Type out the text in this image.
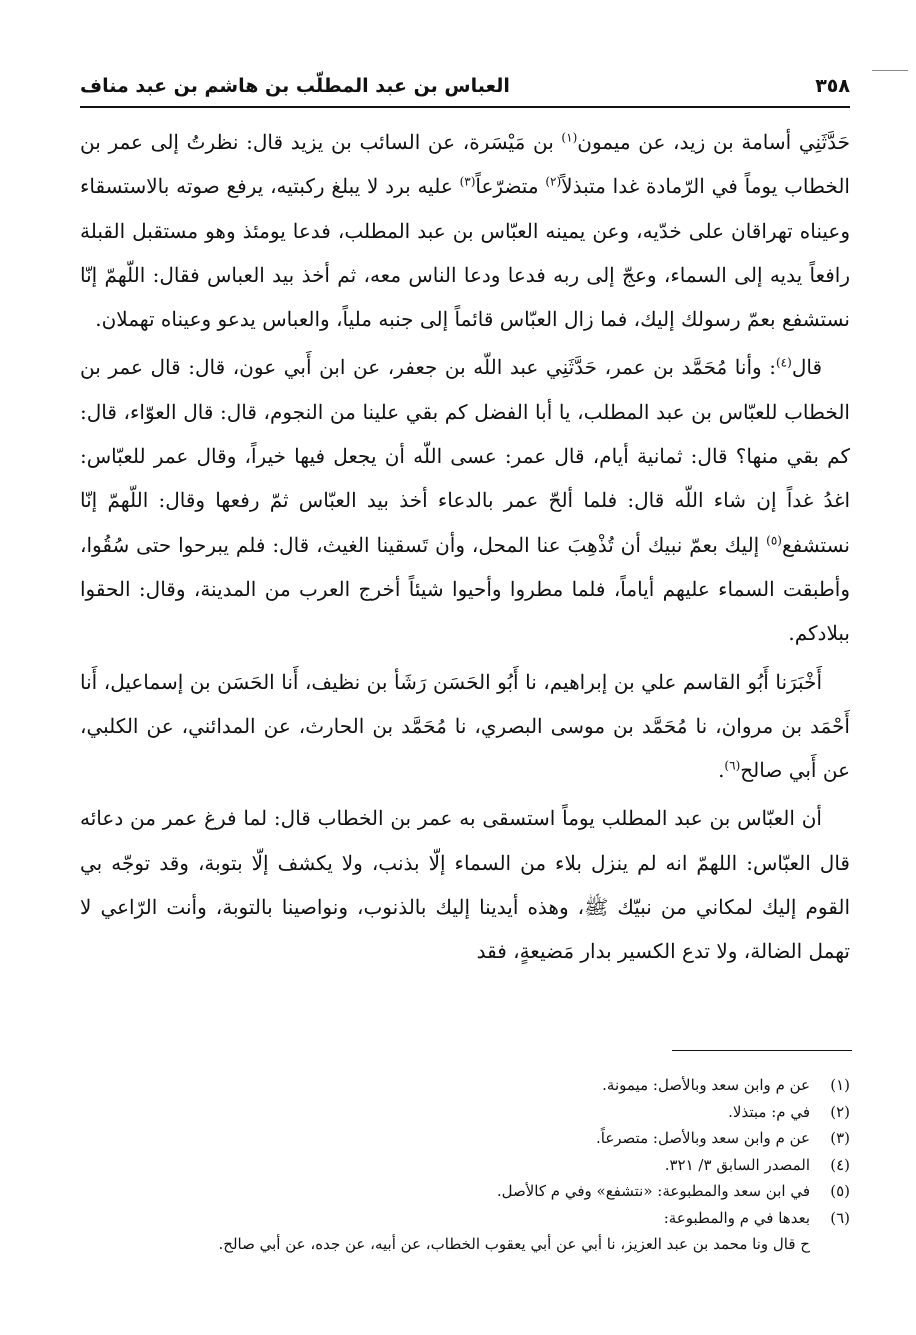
٣٥٨
العباس بن عبد المطلّب بن هاشم بن عبد مناف

حَدَّثَنِي أسامة بن زيد، عن ميمون$^{(١)}$ بن مَيْسَرة، عن السائب بن يزيد قال: نظرتُ إلى عمر بن الخطاب يوماً في الرّمادة غدا متبذلاً$^{(٢)}$ متضرّعاً$^{(٣)}$ عليه برد لا يبلغ ركبتيه، يرفع صوته بالاستسقاء وعيناه تهراقان على خدّيه، وعن يمينه العبّاس بن عبد المطلب، فدعا يومئذ وهو مستقبل القبلة رافعاً يديه إلى السماء، وعجّ إلى ربه فدعا ودعا الناس معه، ثم أخذ بيد العباس فقال: اللّهمّ إنّا نستشفع بعمّ رسولك إليك، فما زال العبّاس قائماً إلى جنبه ملياً، والعباس يدعو وعيناه تهملان.

قال$^{(٤)}$: وأنا مُحَمَّد بن عمر، حَدَّثَنِي عبد اللّه بن جعفر، عن ابن أَبي عون، قال: قال عمر بن الخطاب للعبّاس بن عبد المطلب، يا أبا الفضل كم بقي علينا من النجوم، قال: قال العوّاء، قال: كم بقي منها؟ قال: ثمانية أيام، قال عمر: عسى اللّه أن يجعل فيها خيراً، وقال عمر للعبّاس: اغدُ غداً إن شاء اللّه قال: فلما ألحّ عمر بالدعاء أخذ بيد العبّاس ثمّ رفعها وقال: اللّهمّ إنّا نستشفع$^{(٥)}$ إليك بعمّ نبيك أن تُذْهِبَ عنا المحل، وأن تَسقينا الغيث، قال: فلم يبرحوا حتى سُقُوا، وأطبقت السماء عليهم أياماً، فلما مطروا وأحيوا شيئاً أخرج العرب من المدينة، وقال: الحقوا ببلادكم.

أَخْبَرَنا أَبُو القاسم علي بن إبراهيم، نا أَبُو الحَسَن رَشَأ بن نظيف، أَنا الحَسَن بن إسماعيل، أَنا أَحْمَد بن مروان، نا مُحَمَّد بن موسى البصري، نا مُحَمَّد بن الحارث، عن المدائني، عن الكلبي، عن أَبي صالح$^{(٦)}$.

أن العبّاس بن عبد المطلب يوماً استسقى به عمر بن الخطاب قال: لما فرغ عمر من دعائه قال العبّاس: اللهمّ انه لم ينزل بلاء من السماء إلّا بذنب، ولا يكشف إلّا بتوبة، وقد توجّه بي القوم إليك لمكاني من نبيّك ﷺ، وهذه أيدينا إليك بالذنوب، ونواصينا بالتوبة، وأنت الرّاعي لا تهمل الضالة، ولا تدع الكسير بدار مَضيعةٍ، فقد

(١)
عن م وابن سعد وبالأصل: ميمونة.
(٢)
في م: مبتذلا.
(٣)
عن م وابن سعد وبالأصل: متصرعاً.
(٤)
المصدر السابق ٣/ ٣٢١.
(٥)
في ابن سعد والمطبوعة: «نتشفع» وفي م كالأصل.
(٦)
بعدها في م والمطبوعة:
ح قال ونا محمد بن عبد العزيز، نا أبي عن أبي يعقوب الخطاب، عن أبيه، عن جده، عن أبي صالح.
